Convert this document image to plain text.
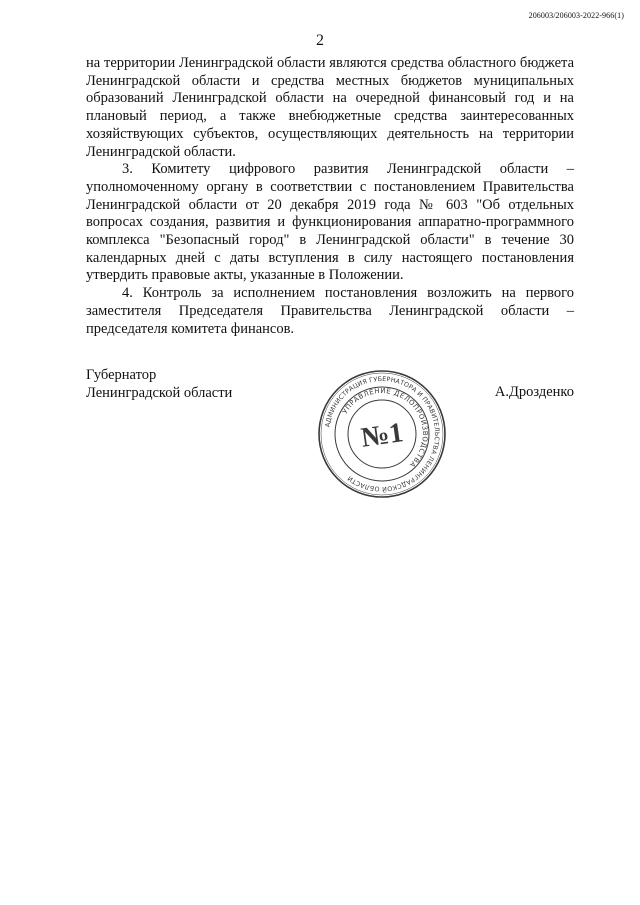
206003/206003-2022-966(1)
2

на территории Ленинградской области являются средства областного бюджета Ленинградской области и средства местных бюджетов муниципальных образований Ленинградской области на очередной финансовый год и на плановый период, а также внебюджетные средства заинтересованных хозяйствующих субъектов, осуществляющих деятельность на территории Ленинградской области.

3. Комитету цифрового развития Ленинградской области – уполномоченному органу в соответствии с постановлением Правительства Ленинградской области от 20 декабря 2019 года № 603 "Об отдельных вопросах создания, развития и функционирования аппаратно-программного комплекса "Безопасный город" в Ленинградской области" в течение 30 календарных дней с даты вступления в силу настоящего постановления утвердить правовые акты, указанные в Положении.

4. Контроль за исполнением постановления возложить на первого заместителя Председателя Правительства Ленинградской области – председателя комитета финансов.

Губернатор
Ленинградской области	А.Дрозденко
АДМИНИСТРАЦИЯ ГУБЕРНАТОРА И ПРАВИТЕЛЬСТВА ЛЕНИНГРАДСКОЙ ОБЛАСТИ
УПРАВЛЕНИЕ ДЕЛОПРОИЗВОДСТВА
№1
